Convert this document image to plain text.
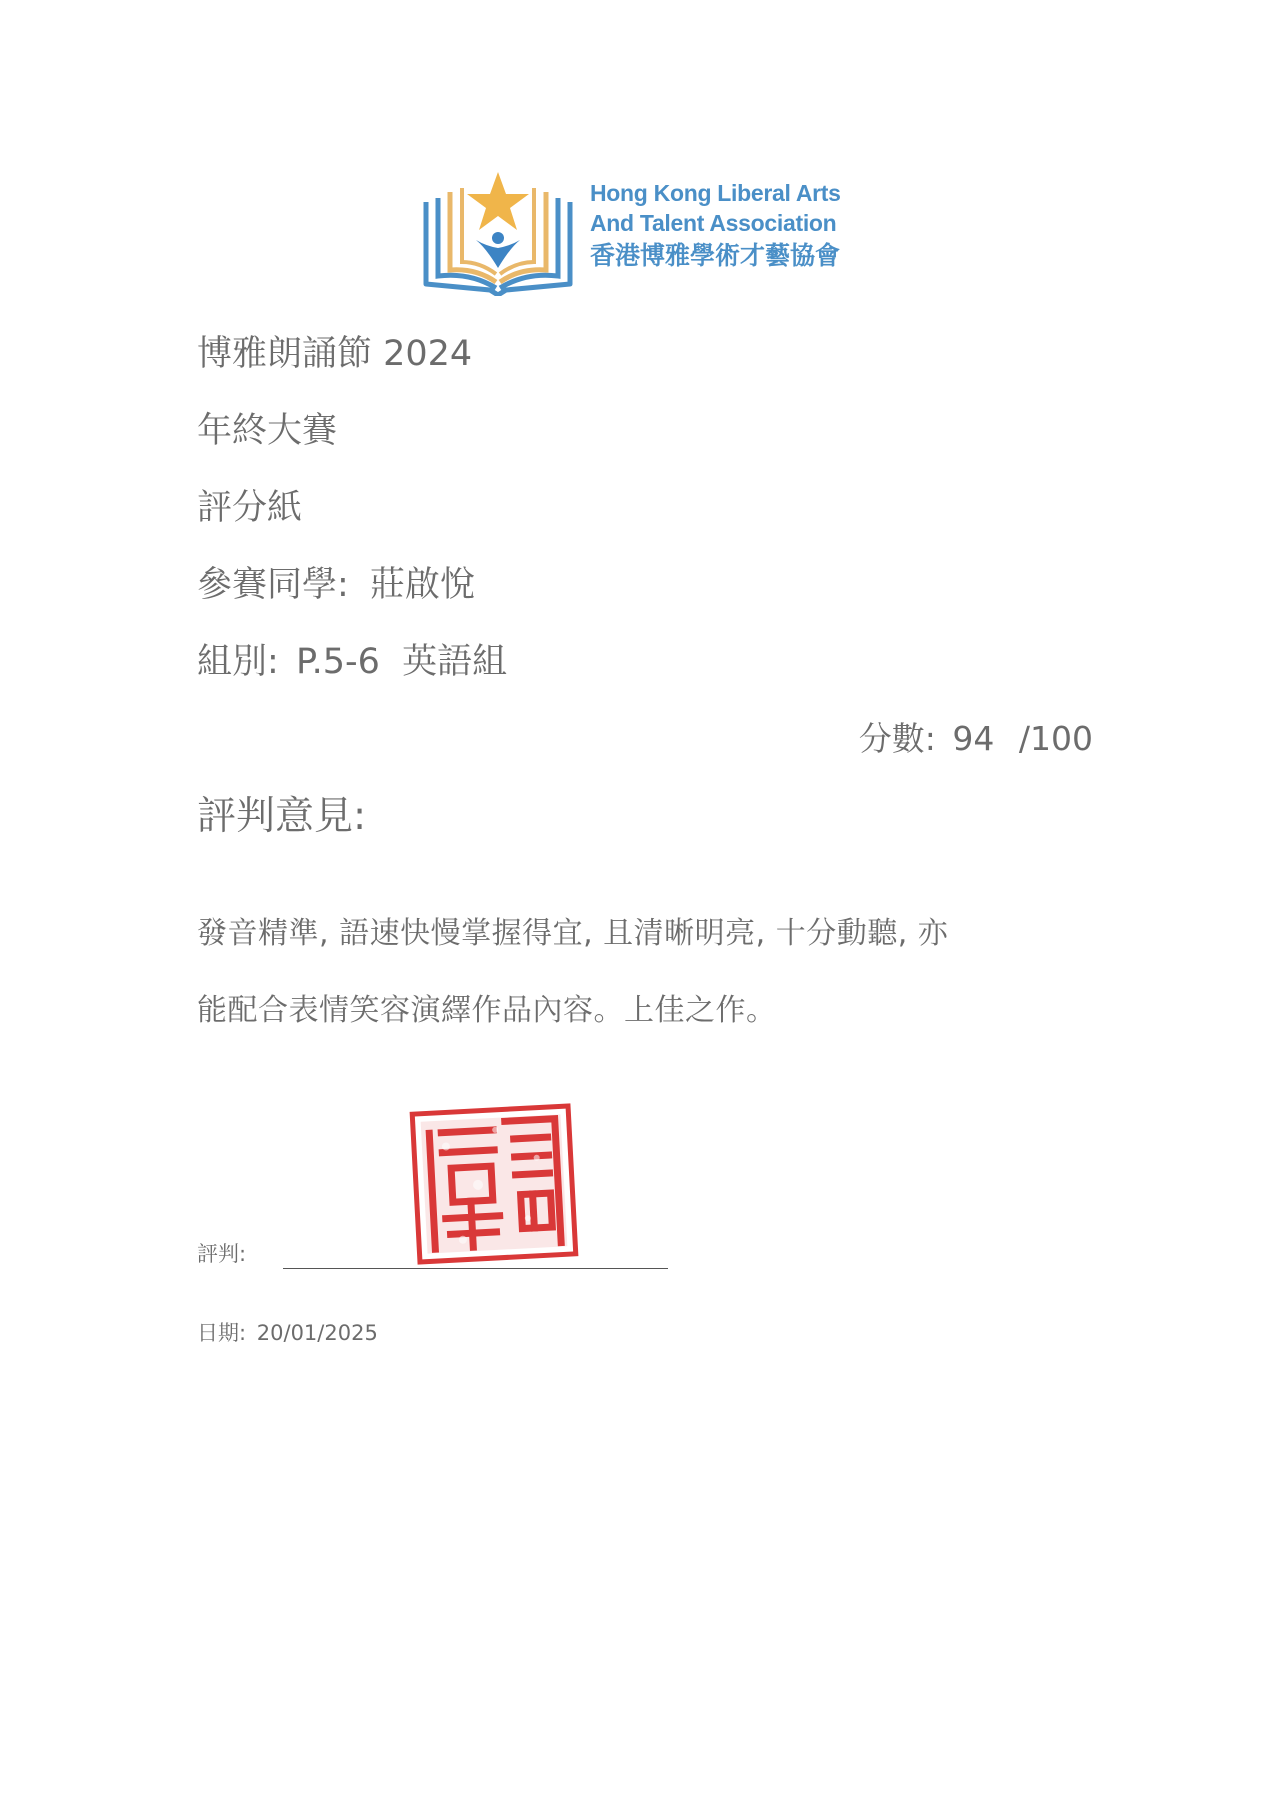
Hong Kong Liberal Arts
And Talent Association
香港博雅學術才藝協會
博雅朗誦節 2024
年終大賽
評分紙
參賽同學: 莊啟悅
組別: P.5-6  英語組
分數: 94 /100
評判意見:
發音精準, 語速快慢掌握得宜, 且清晰明亮, 十分動聽, 亦
能配合表情笑容演繹作品內容。上佳之作。
評判:
日期: 20/01/2025
